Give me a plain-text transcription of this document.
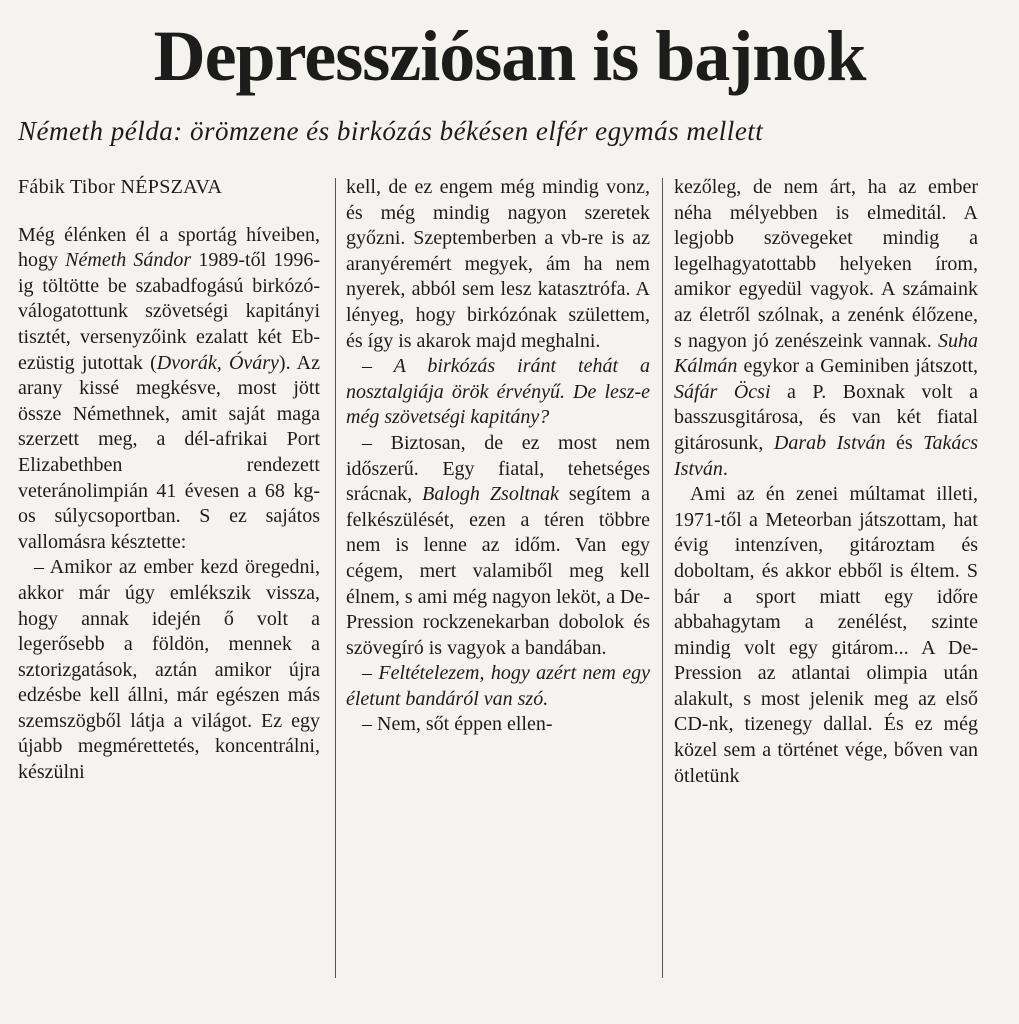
Depressziósan is bajnok

Németh példa: örömzene és birkózás békésen elfér egymás mellett

Fábik Tibor NÉPSZAVA

Még élénken él a sportág híveiben, hogy Németh Sándor 1989-től 1996-ig töltötte be szabadfogású birkózó-válogatottunk szövetségi kapitányi tisztét, versenyzőink ezalatt két Eb-ezüstig jutottak (Dvorák, Óváry). Az arany kissé megkésve, most jött össze Némethnek, amit saját maga szerzett meg, a dél-afrikai Port Elizabethben rendezett veteránolimpián 41 évesen a 68 kg-os súlycsoportban. S ez sajátos vallomásra késztette:

– Amikor az ember kezd öregedni, akkor már úgy emlékszik vissza, hogy annak idején ő volt a legerősebb a földön, mennek a sztorizgatások, aztán amikor újra edzésbe kell állni, már egészen más szemszögből látja a világot. Ez egy újabb megmérettetés, koncentrálni, készülni

kell, de ez engem még mindig vonz, és még mindig nagyon szeretek győzni. Szeptemberben a vb-re is az aranyéremért megyek, ám ha nem nyerek, abból sem lesz katasztrófa. A lényeg, hogy birkózónak születtem, és így is akarok majd meghalni.

– A birkózás iránt tehát a nosztalgiája örök érvényű. De lesz-e még szövetségi kapitány?

– Biztosan, de ez most nem időszerű. Egy fiatal, tehetséges srácnak, Balogh Zsoltnak segítem a felkészülését, ezen a téren többre nem is lenne az időm. Van egy cégem, mert valamiből meg kell élnem, s ami még nagyon leköt, a De-Pression rockzenekarban dobolok és szövegíró is vagyok a bandában.

– Feltételezem, hogy azért nem egy életunt bandáról van szó.

– Nem, sőt éppen ellen-

kezőleg, de nem árt, ha az ember néha mélyebben is elmeditál. A legjobb szövegeket mindig a legelhagyatottabb helyeken írom, amikor egyedül vagyok. A számaink az életről szólnak, a zenénk élőzene, s nagyon jó zenészeink vannak. Suha Kálmán egykor a Geminiben játszott, Sáfár Öcsi a P. Boxnak volt a basszusgitárosa, és van két fiatal gitárosunk, Darab István és Takács István.

Ami az én zenei múltamat illeti, 1971-től a Meteorban játszottam, hat évig intenzíven, gitároztam és doboltam, és akkor ebből is éltem. S bár a sport miatt egy időre abbahagytam a zenélést, szinte mindig volt egy gitárom... A De-Pression az atlantai olimpia után alakult, s most jelenik meg az első CD-nk, tizenegy dallal. És ez még közel sem a történet vége, bőven van ötletünk
